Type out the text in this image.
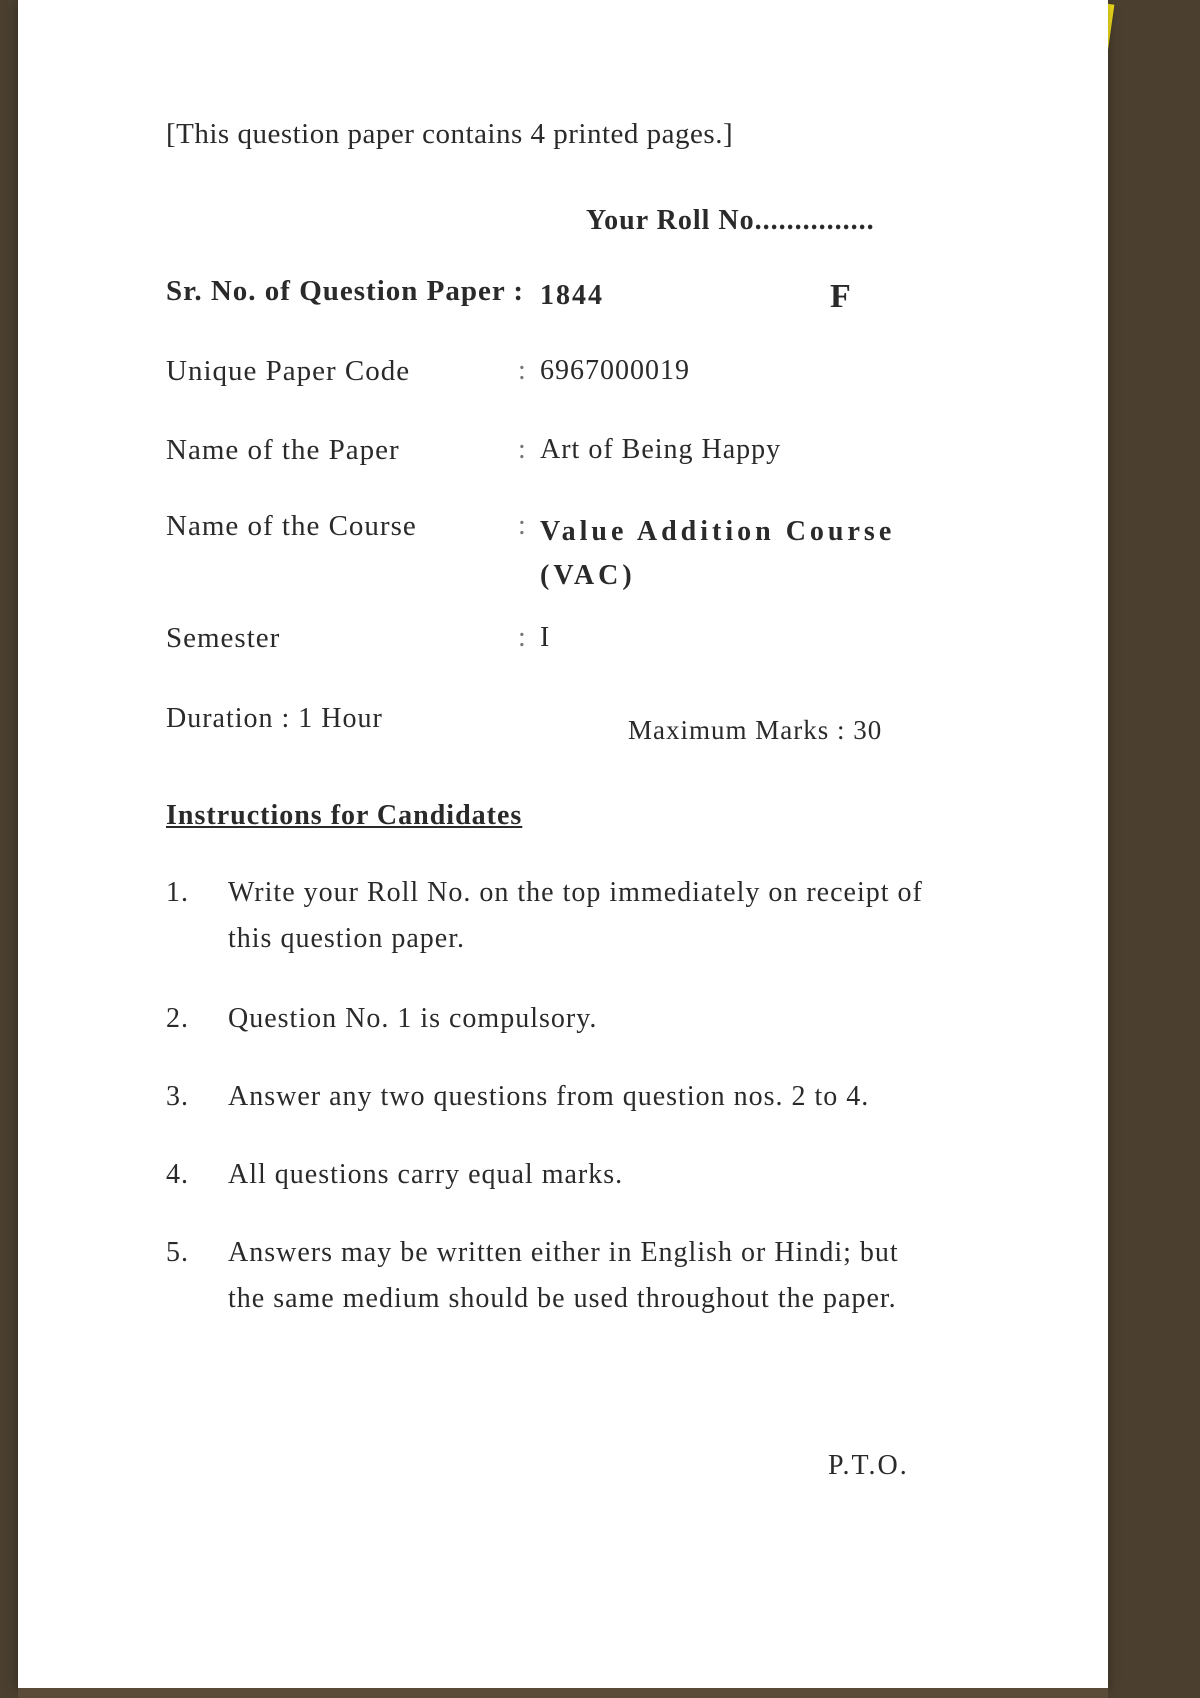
[This question paper contains 4 printed pages.]
Your Roll No...............
Sr. No. of Question Paper : 1844	F
Unique Paper Code	: 6967000019
Name of the Paper	: Art of Being Happy
Name of the Course	: Value Addition Course (VAC)
Semester	: I
Duration : 1 Hour	Maximum Marks : 30
Instructions for Candidates
1. Write your Roll No. on the top immediately on receipt of this question paper.
2. Question No. 1 is compulsory.
3. Answer any two questions from question nos. 2 to 4.
4. All questions carry equal marks.
5. Answers may be written either in English or Hindi; but the same medium should be used throughout the paper.
P.T.O.
